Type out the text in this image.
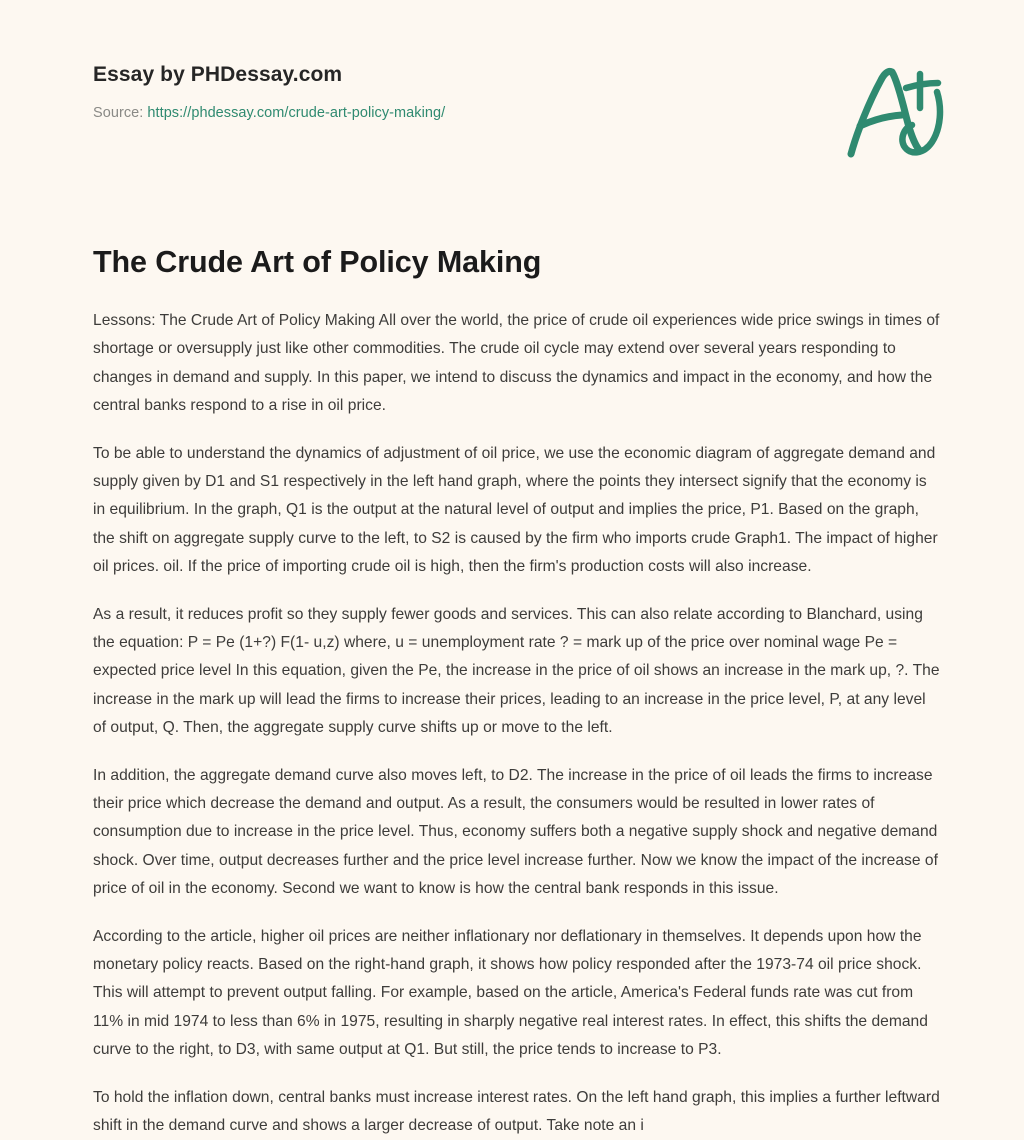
Essay by PHDessay.com
Source: https://phdessay.com/crude-art-policy-making/
The Crude Art of Policy Making

Lessons: The Crude Art of Policy Making All over the world, the price of crude oil experiences wide price swings in times of shortage or oversupply just like other commodities. The crude oil cycle may extend over several years responding to changes in demand and supply. In this paper, we intend to discuss the dynamics and impact in the economy, and how the central banks respond to a rise in oil price.

To be able to understand the dynamics of adjustment of oil price, we use the economic diagram of aggregate demand and supply given by D1 and S1 respectively in the left hand graph, where the points they intersect signify that the economy is in equilibrium. In the graph, Q1 is the output at the natural level of output and implies the price, P1. Based on the graph, the shift on aggregate supply curve to the left, to S2 is caused by the firm who imports crude Graph1. The impact of higher oil prices. oil. If the price of importing crude oil is high, then the firm's production costs will also increase.

As a result, it reduces profit so they supply fewer goods and services. This can also relate according to Blanchard, using the equation: P = Pe (1+?) F(1- u,z) where, u = unemployment rate ? = mark up of the price over nominal wage Pe = expected price level In this equation, given the Pe, the increase in the price of oil shows an increase in the mark up, ?. The increase in the mark up will lead the firms to increase their prices, leading to an increase in the price level, P, at any level of output, Q. Then, the aggregate supply curve shifts up or move to the left.

In addition, the aggregate demand curve also moves left, to D2. The increase in the price of oil leads the firms to increase their price which decrease the demand and output. As a result, the consumers would be resulted in lower rates of consumption due to increase in the price level. Thus, economy suffers both a negative supply shock and negative demand shock. Over time, output decreases further and the price level increase further. Now we know the impact of the increase of price of oil in the economy. Second we want to know is how the central bank responds in this issue.

According to the article, higher oil prices are neither inflationary nor deflationary in themselves. It depends upon how the monetary policy reacts. Based on the right-hand graph, it shows how policy responded after the 1973-74 oil price shock. This will attempt to prevent output falling. For example, based on the article, America's Federal funds rate was cut from 11% in mid 1974 to less than 6% in 1975, resulting in sharply negative real interest rates. In effect, this shifts the demand curve to the right, to D3, with same output at Q1. But still, the price tends to increase to P3.

To hold the inflation down, central banks must increase interest rates. On the left hand graph, this implies a further leftward shift in the demand curve and shows a larger decrease of output. Take note an i
